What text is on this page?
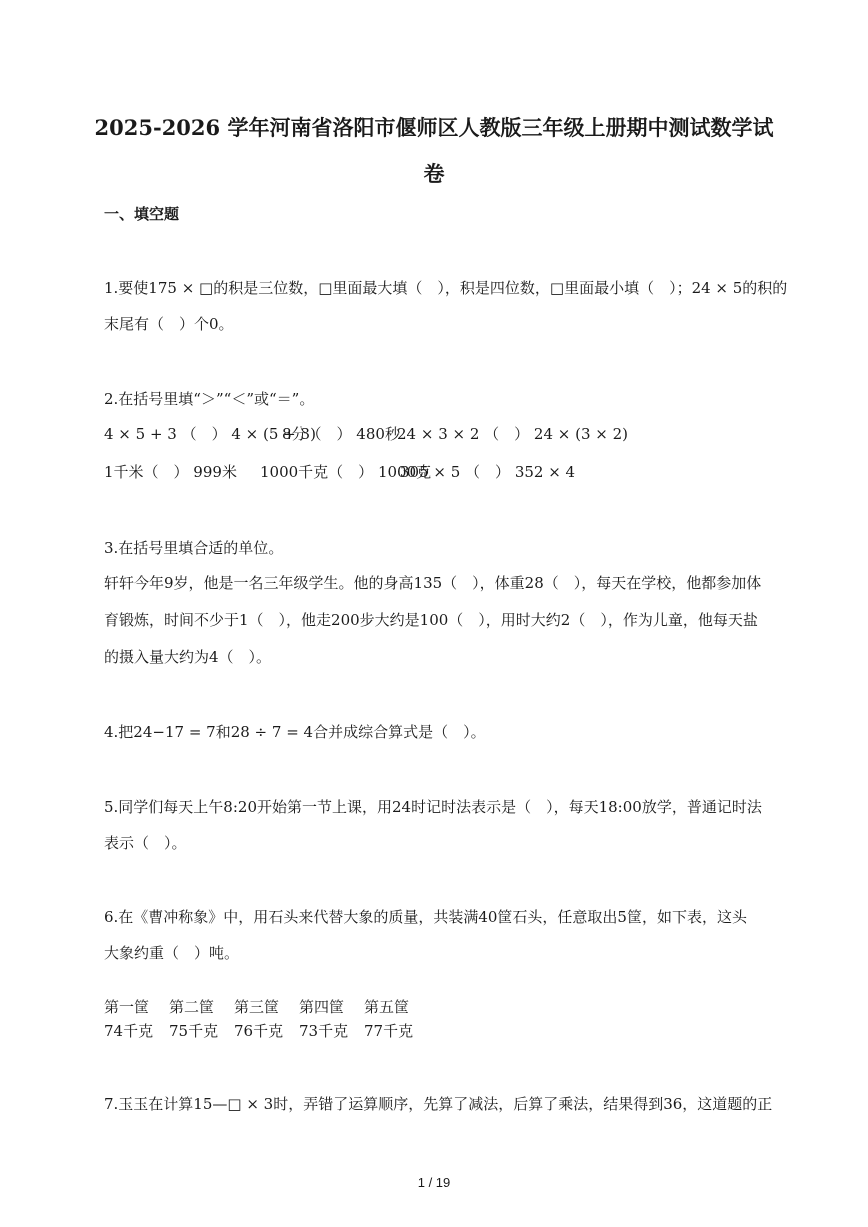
2025-2026 学年河南省洛阳市偃师区人教版三年级上册期中测试数学试
卷
一、填空题
1.要使175 × □的积是三位数，□里面最大填（　），积是四位数，□里面最小填（　）；24 × 5的积的
末尾有（　）个0。
2.在括号里填“＞”“＜”或“＝”。
4 × 5 + 3 （　） 4 × (5 + 3)8分（　） 480秒24 × 3 × 2 （　） 24 × (3 × 2)
1千米（　） 999米 1000千克（　） 1000克305 × 5 （　） 352 × 4
3.在括号里填合适的单位。
轩轩今年9岁，他是一名三年级学生。他的身高135（　），体重28（　），每天在学校，他都参加体
育锻炼，时间不少于1（　），他走200步大约是100（　），用时大约2（　），作为儿童，他每天盐
的摄入量大约为4（　）。
4.把24−17 = 7和28 ÷ 7 = 4合并成综合算式是（　）。
5.同学们每天上午8:20开始第一节上课，用24时记时法表示是（　），每天18:00放学，普通记时法
表示（　）。
6.在《曹冲称象》中，用石头来代替大象的质量，共装满40筐石头，任意取出5筐，如下表，这头
大象约重（　）吨。
第一筐 第二筐 第三筐 第四筐 第五筐
74千克 75千克 76千克 73千克 77千克
7.玉玉在计算15—□ × 3时，弄错了运算顺序，先算了减法，后算了乘法，结果得到36，这道题的正
1 / 19
